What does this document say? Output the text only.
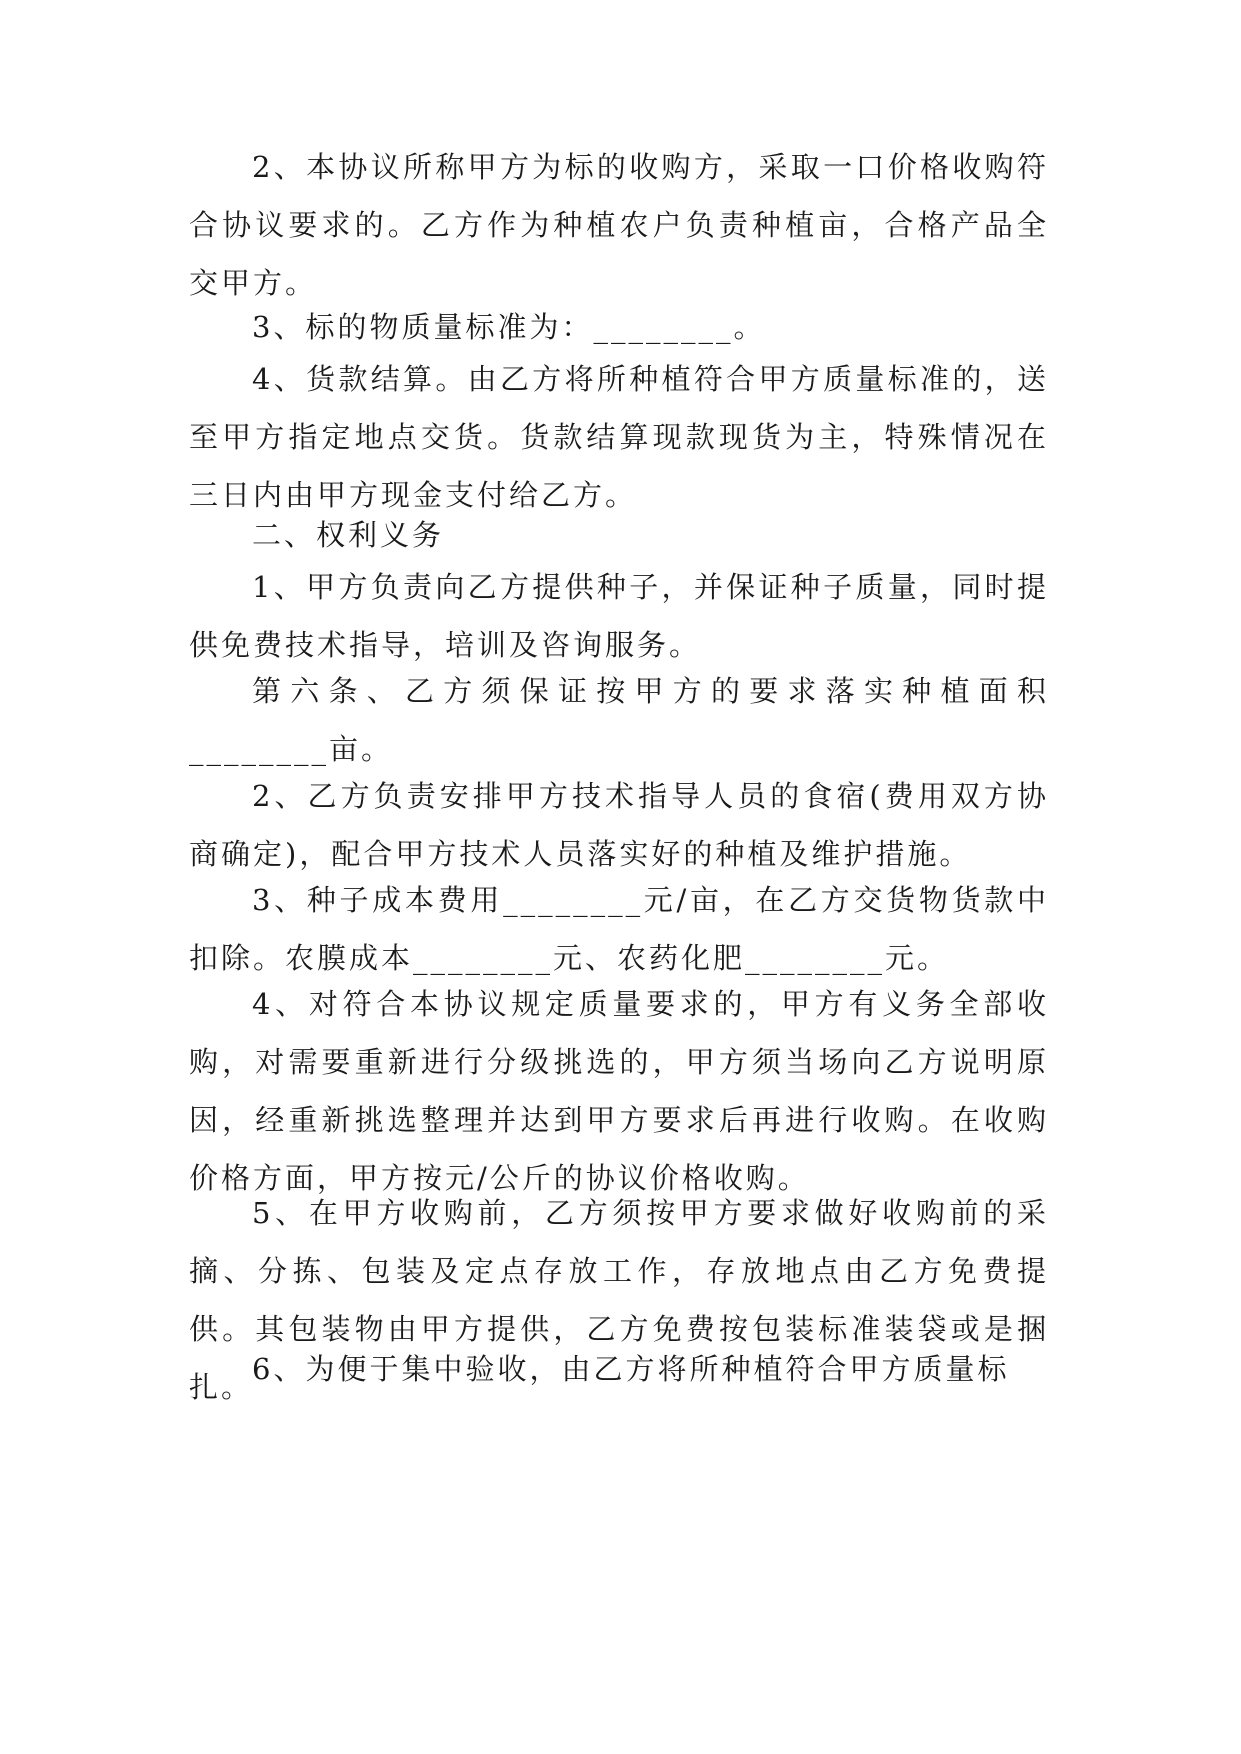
2、本协议所称甲方为标的收购方，采取一口价格收购符合协议要求的。乙方作为种植农户负责种植亩，合格产品全交甲方。

3、标的物质量标准为：________。

4、货款结算。由乙方将所种植符合甲方质量标准的，送至甲方指定地点交货。货款结算现款现货为主，特殊情况在三日内由甲方现金支付给乙方。

二、权利义务

1、甲方负责向乙方提供种子，并保证种子质量，同时提供免费技术指导，培训及咨询服务。

第六条、乙方须保证按甲方的要求落实种植面积________亩。

2、乙方负责安排甲方技术指导人员的食宿(费用双方协商确定)，配合甲方技术人员落实好的种植及维护措施。

3、种子成本费用________元/亩，在乙方交货物货款中扣除。农膜成本________元、农药化肥________元。

4、对符合本协议规定质量要求的，甲方有义务全部收购，对需要重新进行分级挑选的，甲方须当场向乙方说明原因，经重新挑选整理并达到甲方要求后再进行收购。在收购价格方面，甲方按元/公斤的协议价格收购。

5、在甲方收购前，乙方须按甲方要求做好收购前的采摘、分拣、包装及定点存放工作，存放地点由乙方免费提供。其包装物由甲方提供，乙方免费按包装标准装袋或是捆扎。

6、为便于集中验收，由乙方将所种植符合甲方质量标
